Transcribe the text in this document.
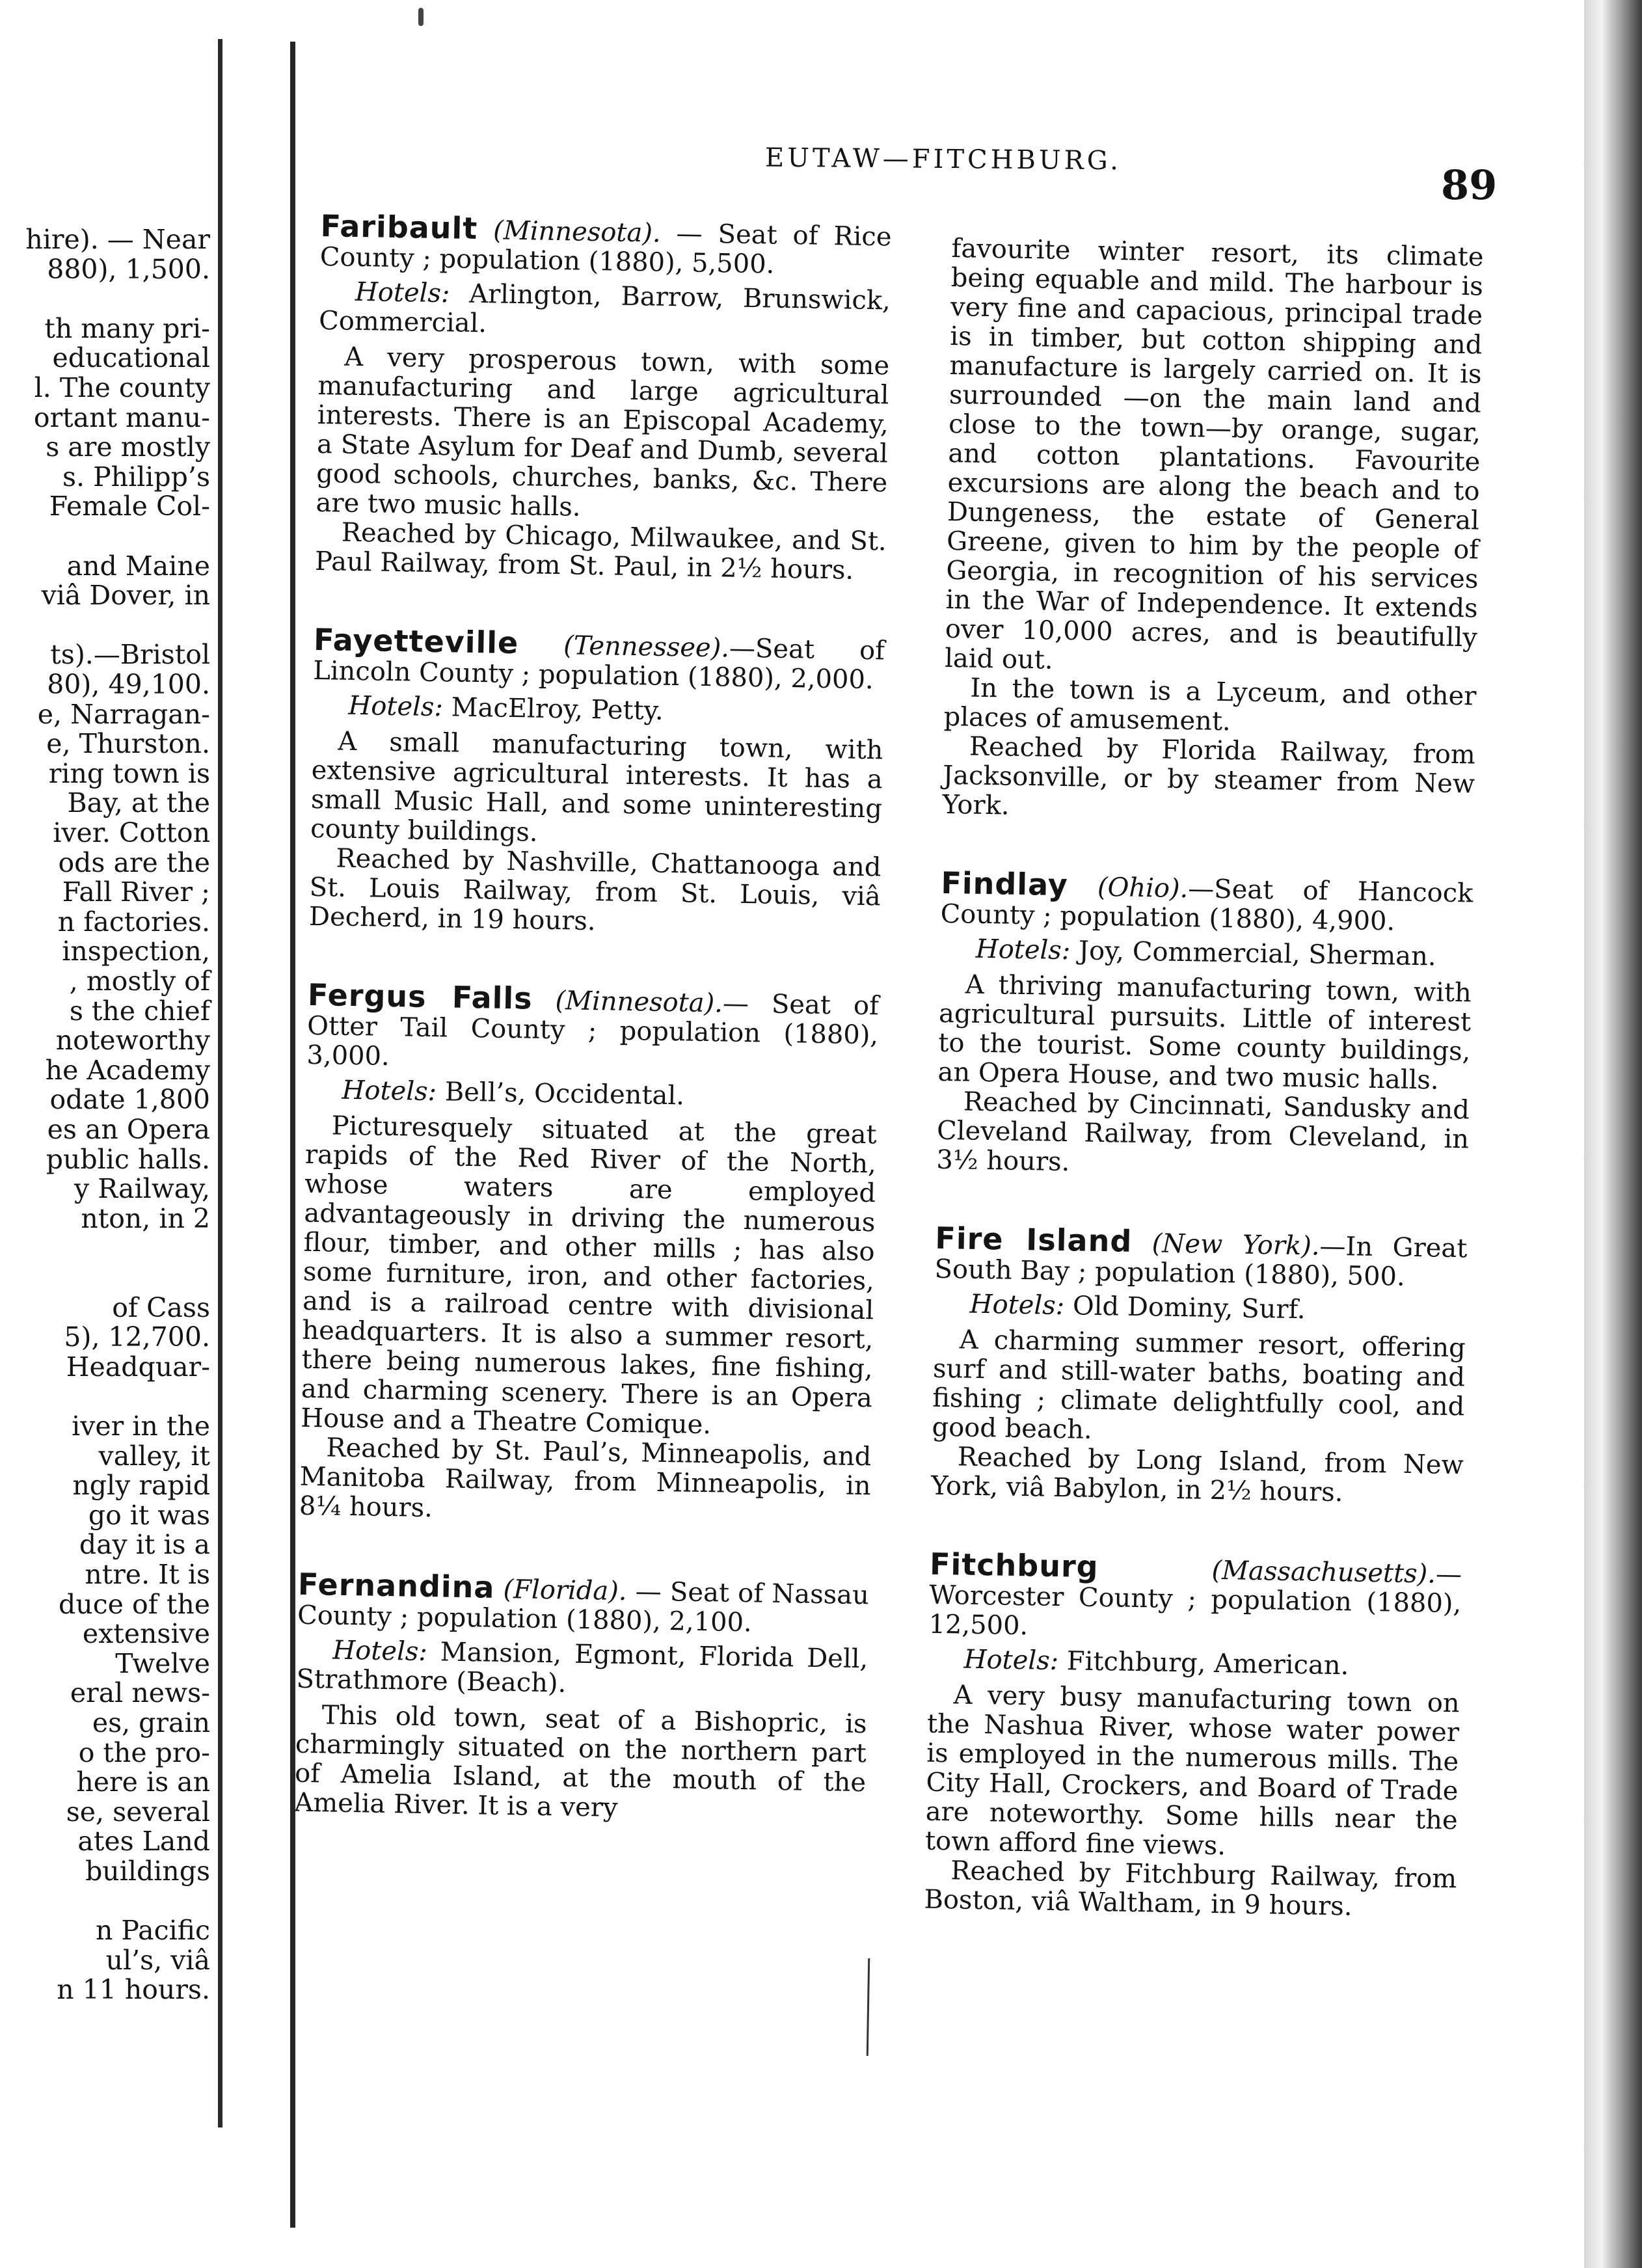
hire). — Near
880), 1,500.
th many pri-
educational
l. The county
ortant manu-
s are mostly
s. Philipp’s
Female Col-
and Maine
viâ Dover, in
ts).—Bristol
80), 49,100.
e, Narragan-
e, Thurston.
ring town is
Bay, at the
iver. Cotton
ods are the
Fall River ;
n factories.
inspection,
, mostly of
s the chief
noteworthy
he Academy
odate 1,800
es an Opera
public halls.
y Railway,
nton, in 2
of Cass
5), 12,700.
Headquar-
iver in the
valley, it
ngly rapid
go it was
day it is a
ntre. It is
duce of the
extensive
Twelve
eral news-
es, grain
o the pro-
here is an
se, several
ates Land
buildings
n Pacific
ul’s, viâ
n 11 hours.
EUTAW—FITCHBURG.
89

Faribault (Minnesota). — Seat of Rice County ; population (1880), 5,500.

Hotels: Arlington, Barrow, Brunswick, Commercial.

A very prosperous town, with some manufacturing and large agricultural interests. There is an Episcopal Academy, a State Asylum for Deaf and Dumb, several good schools, churches, banks, &c. There are two music halls.

Reached by Chicago, Milwaukee, and St. Paul Railway, from St. Paul, in 2½ hours.

Fayetteville (Tennessee).—Seat of Lincoln County ; population (1880), 2,000.

Hotels: MacElroy, Petty.

A small manufacturing town, with extensive agricultural interests. It has a small Music Hall, and some uninteresting county buildings.

Reached by Nashville, Chattanooga and St. Louis Railway, from St. Louis, viâ Decherd, in 19 hours.

Fergus Falls (Minnesota).— Seat of Otter Tail County ; population (1880), 3,000.

Hotels: Bell’s, Occidental.

Picturesquely situated at the great rapids of the Red River of the North, whose waters are employed advantageously in driving the numerous flour, timber, and other mills ; has also some furniture, iron, and other factories, and is a railroad centre with divisional headquarters. It is also a summer resort, there being numerous lakes, fine fishing, and charming scenery. There is an Opera House and a Theatre Comique.

Reached by St. Paul’s, Minneapolis, and Manitoba Railway, from Minneapolis, in 8¼ hours.

Fernandina (Florida). — Seat of Nassau County ; population (1880), 2,100.

Hotels: Mansion, Egmont, Florida Dell, Strathmore (Beach).

This old town, seat of a Bishopric, is charmingly situated on the northern part of Amelia Island, at the mouth of the Amelia River. It is a very

favourite winter resort, its climate being equable and mild. The harbour is very fine and capacious, principal trade is in timber, but cotton shipping and manufacture is largely carried on. It is surrounded —on the main land and close to the town—by orange, sugar, and cotton plantations. Favourite excursions are along the beach and to Dungeness, the estate of General Greene, given to him by the people of Georgia, in recognition of his services in the War of Independence. It extends over 10,000 acres, and is beautifully laid out.

In the town is a Lyceum, and other places of amusement.

Reached by Florida Railway, from Jacksonville, or by steamer from New York.

Findlay (Ohio).—Seat of Hancock County ; population (1880), 4,900.

Hotels: Joy, Commercial, Sherman.

A thriving manufacturing town, with agricultural pursuits. Little of interest to the tourist. Some county buildings, an Opera House, and two music halls.

Reached by Cincinnati, Sandusky and Cleveland Railway, from Cleveland, in 3½ hours.

Fire Island (New York).—In Great South Bay ; population (1880), 500.

Hotels: Old Dominy, Surf.

A charming summer resort, offering surf and still-water baths, boating and fishing ; climate delightfully cool, and good beach.

Reached by Long Island, from New York, viâ Babylon, in 2½ hours.

Fitchburg	(Massachusetts).— Worcester County ; population (1880), 12,500.

Hotels: Fitchburg, American.

A very busy manufacturing town on the Nashua River, whose water power is employed in the numerous mills. The City Hall, Crockers, and Board of Trade are noteworthy. Some hills near the town afford fine views.

Reached by Fitchburg Railway, from Boston, viâ Waltham, in 9 hours.
